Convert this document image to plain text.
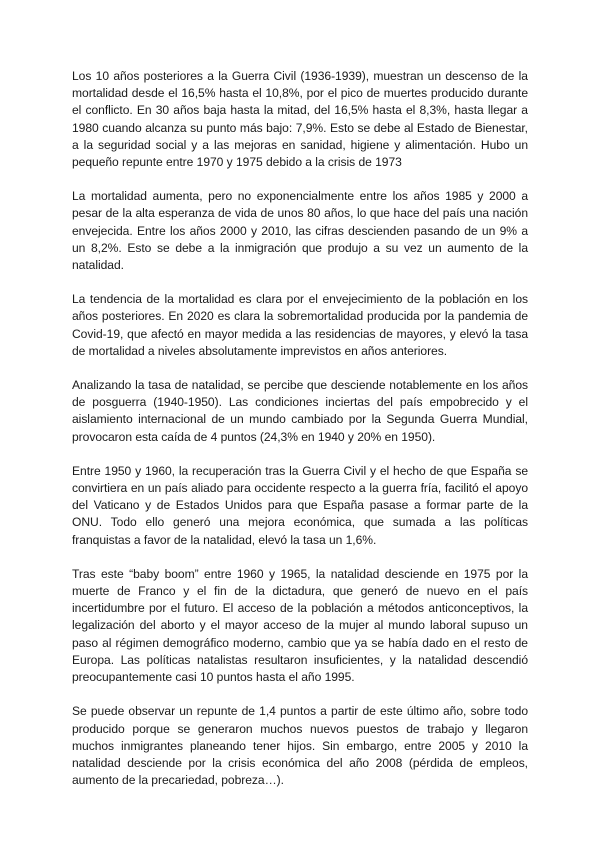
Los 10 años posteriores a la Guerra Civil (1936-1939), muestran un descenso de la mortalidad desde el 16,5% hasta el 10,8%, por el pico de muertes producido durante el conflicto. En 30 años baja hasta la mitad, del 16,5% hasta el 8,3%, hasta llegar a 1980 cuando alcanza su punto más bajo: 7,9%. Esto se debe al Estado de Bienestar, a la seguridad social y a las mejoras en sanidad, higiene y alimentación. Hubo un pequeño repunte entre 1970 y 1975 debido a la crisis de 1973

La mortalidad aumenta, pero no exponencialmente entre los años 1985 y 2000 a pesar de la alta esperanza de vida de unos 80 años, lo que hace del país una nación envejecida. Entre los años 2000 y 2010, las cifras descienden pasando de un 9% a un 8,2%. Esto se debe a la inmigración que produjo a su vez un aumento de la natalidad.

La tendencia de la mortalidad es clara por el envejecimiento de la población en los años posteriores. En 2020 es clara la sobremortalidad producida por la pandemia de Covid-19, que afectó en mayor medida a las residencias de mayores, y elevó la tasa de mortalidad a niveles absolutamente imprevistos en años anteriores.

Analizando la tasa de natalidad, se percibe que desciende notablemente en los años de posguerra (1940-1950). Las condiciones inciertas del país empobrecido y el aislamiento internacional de un mundo cambiado por la Segunda Guerra Mundial, provocaron esta caída de 4 puntos (24,3% en 1940 y 20% en 1950).

Entre 1950 y 1960, la recuperación tras la Guerra Civil y el hecho de que España se convirtiera en un país aliado para occidente respecto a la guerra fría, facilitó el apoyo del Vaticano y de Estados Unidos para que España pasase a formar parte de la ONU. Todo ello generó una mejora económica, que sumada a las políticas franquistas a favor de la natalidad, elevó la tasa un 1,6%.

Tras este “baby boom” entre 1960 y 1965, la natalidad desciende en 1975 por la muerte de Franco y el fin de la dictadura, que generó de nuevo en el país incertidumbre por el futuro. El acceso de la población a métodos anticonceptivos, la legalización del aborto y el mayor acceso de la mujer al mundo laboral supuso un paso al régimen demográfico moderno, cambio que ya se había dado en el resto de Europa. Las políticas natalistas resultaron insuficientes, y la natalidad descendió preocupantemente casi 10 puntos hasta el año 1995.

Se puede observar un repunte de 1,4 puntos a partir de este último año, sobre todo producido porque se generaron muchos nuevos puestos de trabajo y llegaron muchos inmigrantes planeando tener hijos. Sin embargo, entre 2005 y 2010 la natalidad desciende por la crisis económica del año 2008 (pérdida de empleos, aumento de la precariedad, pobreza…).
